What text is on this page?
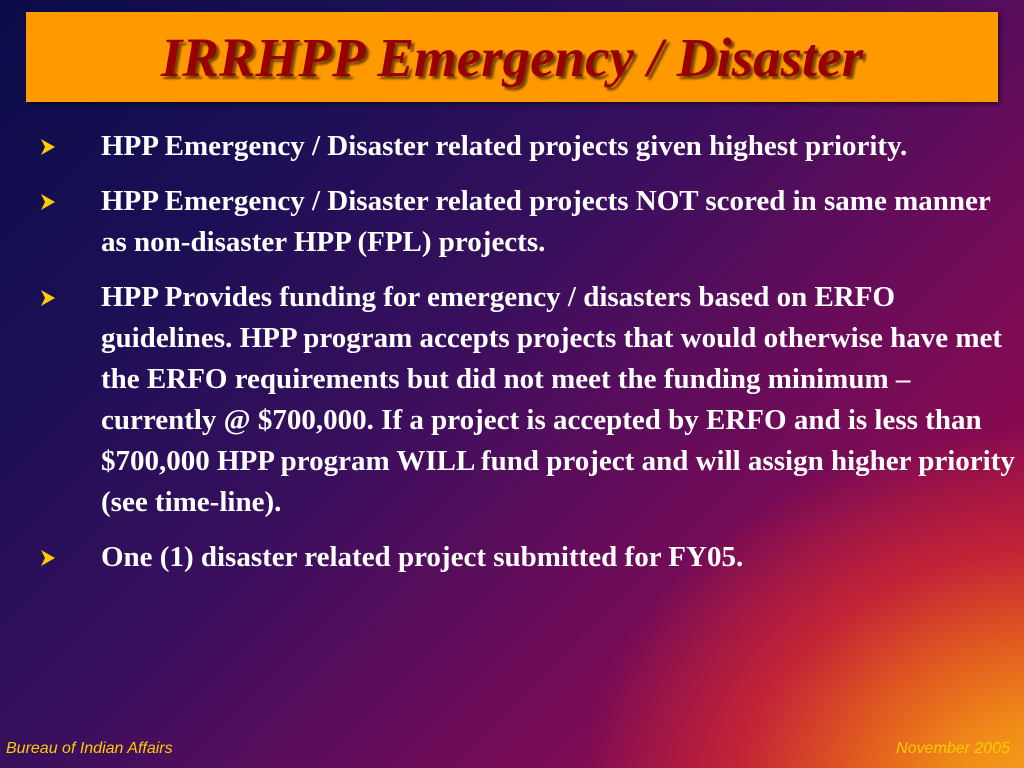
IRRHPP Emergency / Disaster
HPP Emergency / Disaster related projects given highest priority.
HPP Emergency / Disaster related projects NOT scored in same manner as non-disaster HPP (FPL) projects.
HPP Provides funding for emergency / disasters based on ERFO guidelines. HPP program accepts projects that would otherwise have met the ERFO requirements but did not meet the funding minimum – currently @ $700,000. If a project is accepted by ERFO and is less than $700,000 HPP program WILL fund project and will assign higher priority (see time-line).
One (1) disaster related project submitted for FY05.
Bureau of Indian Affairs	November 2005
